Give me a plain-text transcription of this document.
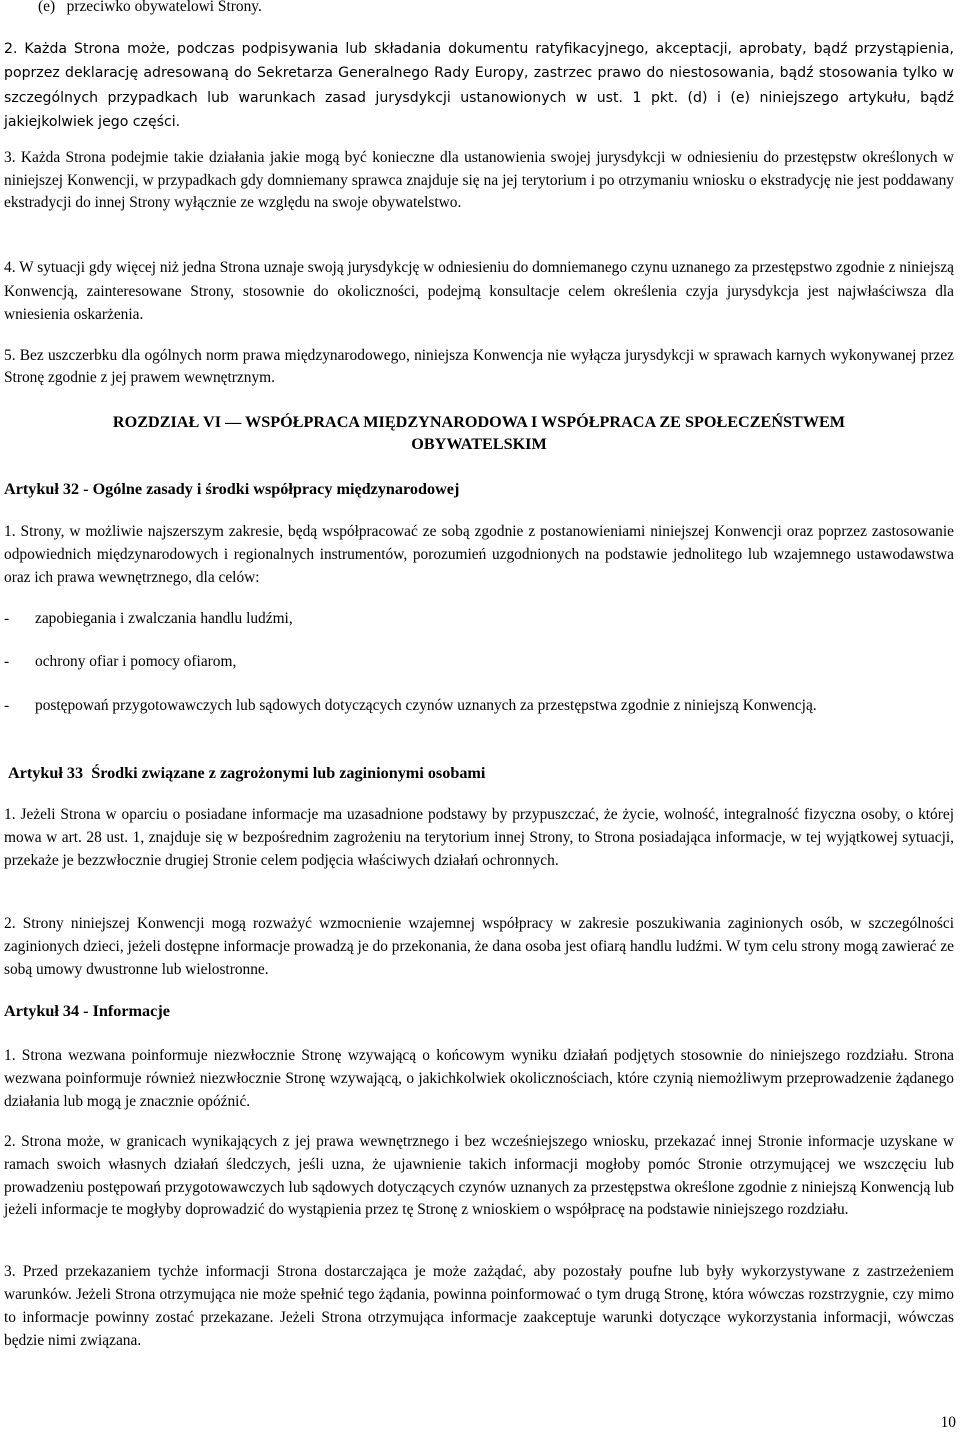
(e)   przeciwko obywatelowi Strony.

2. Każda Strona może, podczas podpisywania lub składania dokumentu ratyfikacyjnego, akceptacji, aprobaty, bądź przystąpienia, poprzez deklarację adresowaną do Sekretarza Generalnego Rady Europy, zastrzec prawo do niestosowania, bądź stosowania tylko w szczególnych przypadkach lub warunkach zasad jurysdykcji ustanowionych w ust. 1 pkt. (d) i (e) niniejszego artykułu, bądź jakiejkolwiek jego części.

3. Każda Strona podejmie takie działania jakie mogą być konieczne dla ustanowienia swojej jurysdykcji w odniesieniu do przestępstw określonych w niniejszej Konwencji, w przypadkach gdy domniemany sprawca znajduje się na jej terytorium i po otrzymaniu wniosku o ekstradycję nie jest poddawany ekstradycji do innej Strony wyłącznie ze względu na swoje obywatelstwo.

4. W sytuacji gdy więcej niż jedna Strona uznaje swoją jurysdykcję w odniesieniu do domniemanego czynu uznanego za przestępstwo zgodnie z niniejszą Konwencją, zainteresowane Strony, stosownie do okoliczności, podejmą konsultacje celem określenia czyja jurysdykcja jest najwłaściwsza dla wniesienia oskarżenia.

5. Bez uszczerbku dla ogólnych norm prawa międzynarodowego, niniejsza Konwencja nie wyłącza jurysdykcji w sprawach karnych wykonywanej przez Stronę zgodnie z jej prawem wewnętrznym.

ROZDZIAŁ VI — WSPÓŁPRACA MIĘDZYNARODOWA I WSPÓŁPRACA ZE SPOŁECZEŃSTWEM
OBYWATELSKIM
Artykuł 32 - Ogólne zasady i środki współpracy międzynarodowej

1. Strony, w możliwie najszerszym zakresie, będą współpracować ze sobą zgodnie z postanowieniami niniejszej Konwencji oraz poprzez zastosowanie odpowiednich międzynarodowych i regionalnych instrumentów, porozumień uzgodnionych na podstawie jednolitego lub wzajemnego ustawodawstwa oraz ich prawa wewnętrznego, dla celów:

- zapobiegania i zwalczania handlu ludźmi,
- ochrony ofiar i pomocy ofiarom,
- postępowań przygotowawczych lub sądowych dotyczących czynów uznanych za przestępstwa zgodnie z niniejszą Konwencją.
Artykuł 33  Środki związane z zagrożonymi lub zaginionymi osobami

1. Jeżeli Strona w oparciu o posiadane informacje ma uzasadnione podstawy by przypuszczać, że życie, wolność, integralność fizyczna osoby, o której mowa w art. 28 ust. 1, znajduje się w bezpośrednim zagrożeniu na terytorium innej Strony, to Strona posiadająca informacje, w tej wyjątkowej sytuacji, przekaże je bezzwłocznie drugiej Stronie celem podjęcia właściwych działań ochronnych.

2. Strony niniejszej Konwencji mogą rozważyć wzmocnienie wzajemnej współpracy w zakresie poszukiwania zaginionych osób, w szczególności zaginionych dzieci, jeżeli dostępne informacje prowadzą je do przekonania, że dana osoba jest ofiarą handlu ludźmi. W tym celu strony mogą zawierać ze sobą umowy dwustronne lub wielostronne.

Artykuł 34 - Informacje

1. Strona wezwana poinformuje niezwłocznie Stronę wzywającą o końcowym wyniku działań podjętych stosownie do niniejszego rozdziału. Strona wezwana poinformuje również niezwłocznie Stronę wzywającą, o jakichkolwiek okolicznościach, które czynią niemożliwym przeprowadzenie żądanego działania lub mogą je znacznie opóźnić.

2. Strona może, w granicach wynikających z jej prawa wewnętrznego i bez wcześniejszego wniosku, przekazać innej Stronie informacje uzyskane w ramach swoich własnych działań śledczych, jeśli uzna, że ujawnienie takich informacji mogłoby pomóc Stronie otrzymującej we wszczęciu lub prowadzeniu postępowań przygotowawczych lub sądowych dotyczących czynów uznanych za przestępstwa określone zgodnie z niniejszą Konwencją lub jeżeli informacje te mogłyby doprowadzić do wystąpienia przez tę Stronę z wnioskiem o współpracę na podstawie niniejszego rozdziału.

3. Przed przekazaniem tychże informacji Strona dostarczająca je może zażądać, aby pozostały poufne lub były wykorzystywane z zastrzeżeniem warunków. Jeżeli Strona otrzymująca nie może spełnić tego żądania, powinna poinformować o tym drugą Stronę, która wówczas rozstrzygnie, czy mimo to informacje powinny zostać przekazane. Jeżeli Strona otrzymująca informacje zaakceptuje warunki dotyczące wykorzystania informacji, wówczas będzie nimi związana.

10
